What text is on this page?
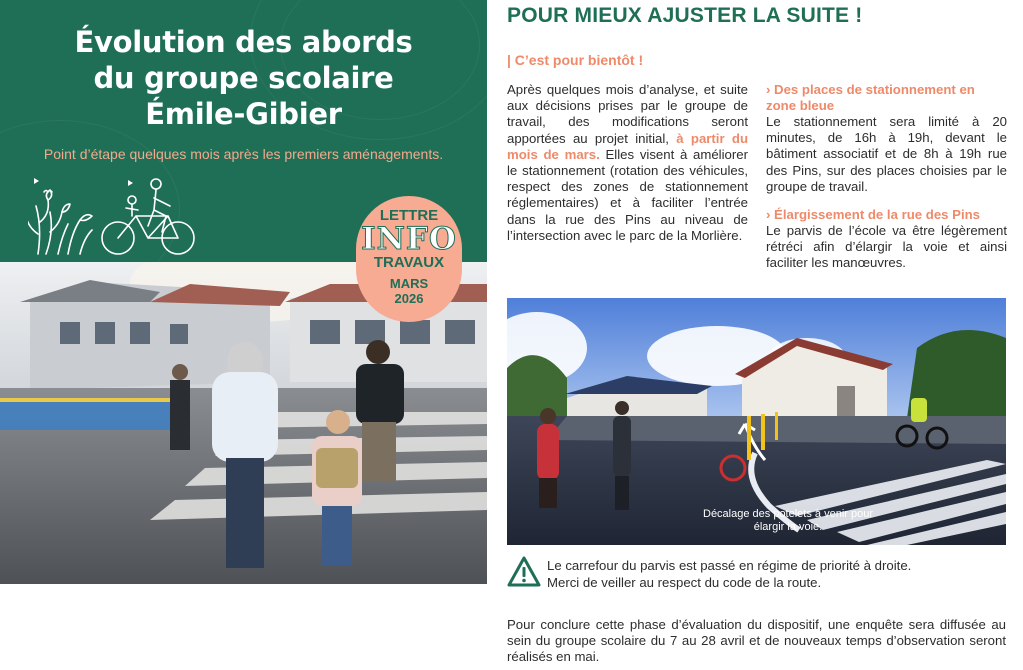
Évolution des abords
du groupe scolaire
Émile-Gibier
Point d’étape quelques mois après les premiers aménagements.
LETTRE
INFO
TRAVAUX
MARS
2026
POUR MIEUX AJUSTER LA SUITE !
| C’est pour bientôt !
Après quelques mois d’analyse, et suite aux décisions prises par le groupe de travail, des modifications seront apportées au projet initial, à partir du mois de mars. Elles visent à améliorer le stationnement (rotation des véhicules, respect des zones de stationnement réglementaires) et à faciliter l’entrée dans la rue des Pins au niveau de l’intersection avec le parc de la Morlière.
› Des places de stationnement en zone bleue
Le stationnement sera limité à 20 minutes, de 16h à 19h, devant le bâtiment associatif et de 8h à 19h rue des Pins, sur des places choisies par le groupe de travail.
› Élargissement de la rue des Pins
Le parvis de l’école va être légèrement rétréci afin d’élargir la voie et ainsi faciliter les manœuvres.
Décalage des potelets à venir pour élargir la voie.
Le carrefour du parvis est passé en régime de priorité à droite.
Merci de veiller au respect du code de la route.
Pour conclure cette phase d’évaluation du dispositif, une enquête sera diffusée au sein du groupe scolaire du 7 au 28 avril et de nouveaux temps d’observation seront réalisés en mai.
